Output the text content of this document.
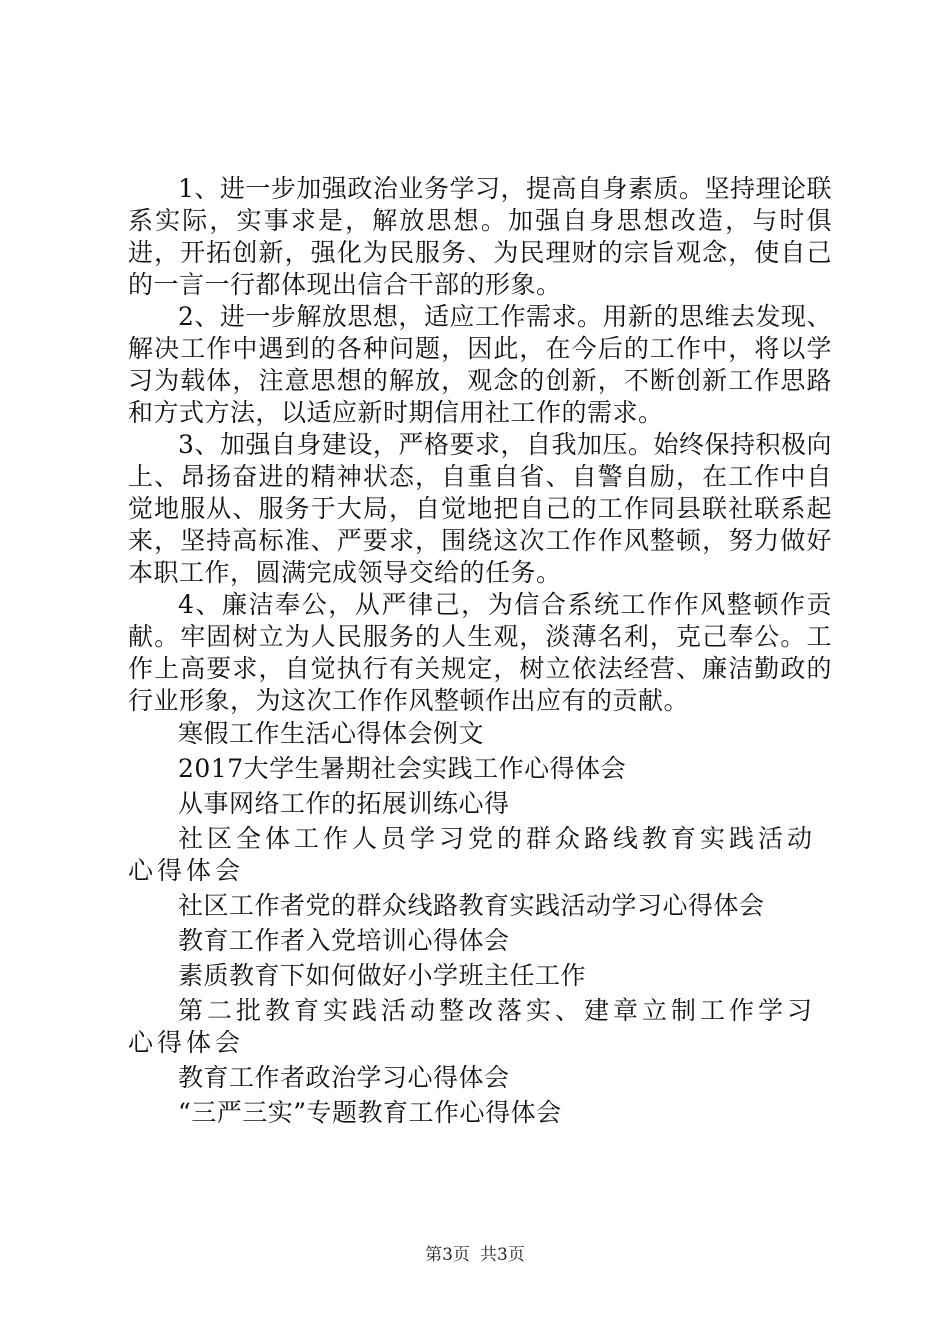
1、进一步加强政治业务学习，提高自身素质。坚持理论联系实际，实事求是，解放思想。加强自身思想改造，与时俱进，开拓创新，强化为民服务、为民理财的宗旨观念，使自己的一言一行都体现出信合干部的形象。

2、进一步解放思想，适应工作需求。用新的思维去发现、解决工作中遇到的各种问题，因此，在今后的工作中，将以学习为载体，注意思想的解放，观念的创新，不断创新工作思路和方式方法，以适应新时期信用社工作的需求。

3、加强自身建设，严格要求，自我加压。始终保持积极向上、昂扬奋进的精神状态，自重自省、自警自励，在工作中自觉地服从、服务于大局，自觉地把自己的工作同县联社联系起来，坚持高标准、严要求，围绕这次工作作风整顿，努力做好本职工作，圆满完成领导交给的任务。

4、廉洁奉公，从严律己，为信合系统工作作风整顿作贡献。牢固树立为人民服务的人生观，淡薄名利，克己奉公。工作上高要求，自觉执行有关规定，树立依法经营、廉洁勤政的行业形象，为这次工作作风整顿作出应有的贡献。

寒假工作生活心得体会例文
2017大学生暑期社会实践工作心得体会
从事网络工作的拓展训练心得
社区全体工作人员学习党的群众路线教育实践活动心得体会
社区工作者党的群众线路教育实践活动学习心得体会
教育工作者入党培训心得体会
素质教育下如何做好小学班主任工作
第二批教育实践活动整改落实、建章立制工作学习心得体会
教育工作者政治学习心得体会
“三严三实”专题教育工作心得体会
第3页 共3页
